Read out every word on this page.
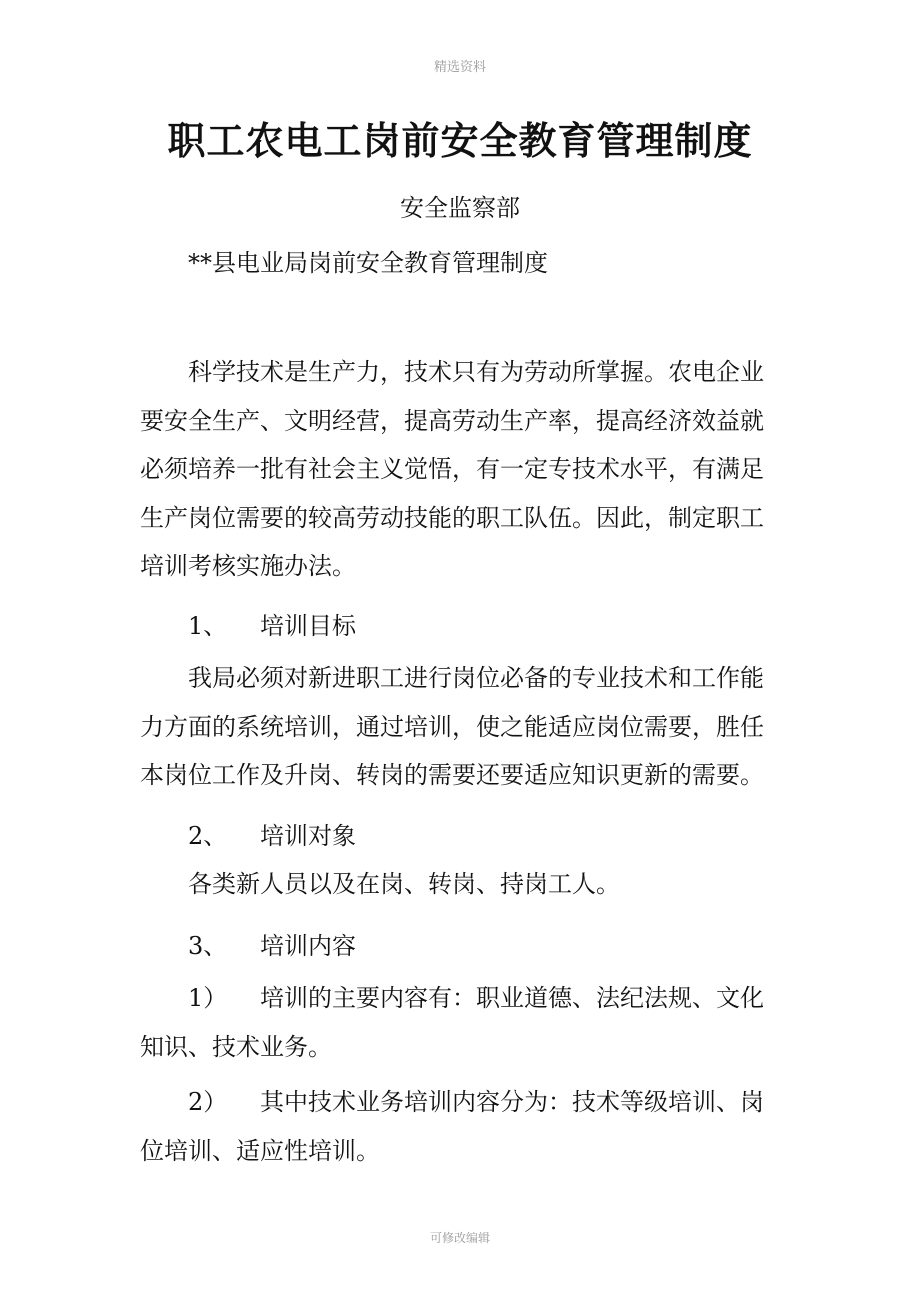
精选资料
职工农电工岗前安全教育管理制度
安全监察部
**县电业局岗前安全教育管理制度

科学技术是生产力，技术只有为劳动所掌握。农电企业要安全生产、文明经营，提高劳动生产率，提高经济效益就必须培养一批有社会主义觉悟，有一定专技术水平，有满足生产岗位需要的较高劳动技能的职工队伍。因此，制定职工培训考核实施办法。

1、 培训目标

我局必须对新进职工进行岗位必备的专业技术和工作能力方面的系统培训，通过培训，使之能适应岗位需要，胜任本岗位工作及升岗、转岗的需要还要适应知识更新的需要。

2、 培训对象

各类新人员以及在岗、转岗、持岗工人。

3、 培训内容

1） 培训的主要内容有：职业道德、法纪法规、文化知识、技术业务。

2） 其中技术业务培训内容分为：技术等级培训、岗位培训、适应性培训。

可修改编辑
